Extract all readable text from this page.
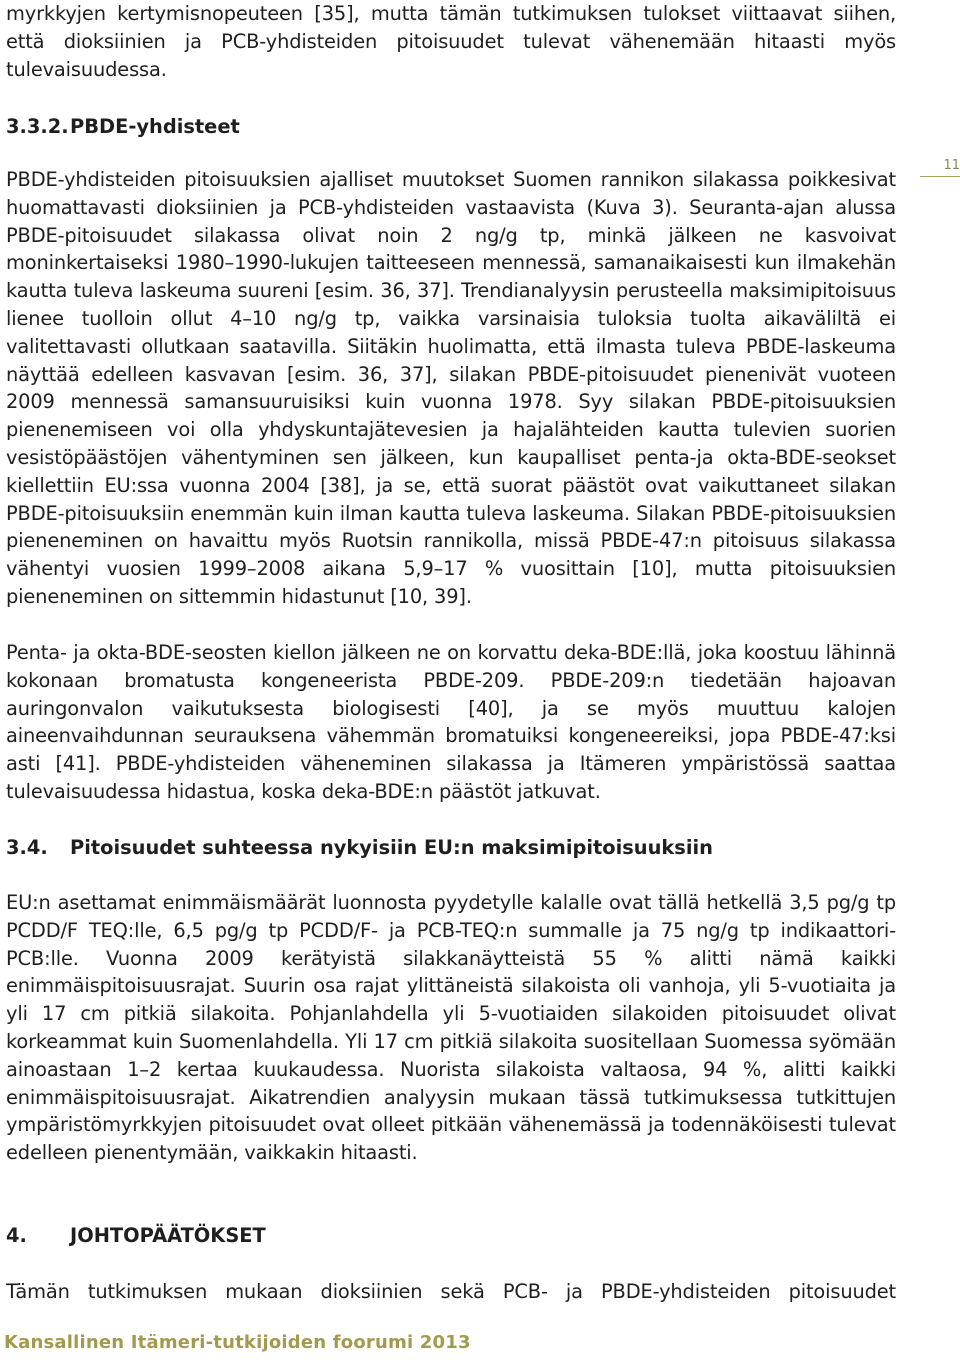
myrkkyjen kertymisnopeuteen [35], mutta tämän tutkimuksen tulokset viittaavat siihen, että dioksiinien ja PCB-yhdisteiden pitoisuudet tulevat vähenemään hitaasti myös tulevaisuudessa.

3.3.2.PBDE-yhdisteet
11

PBDE-yhdisteiden pitoisuuksien ajalliset muutokset Suomen rannikon silakassa poikkesivat huomattavasti dioksiinien ja PCB-yhdisteiden vastaavista (Kuva 3). Seuranta-ajan alussa PBDE-pitoisuudet silakassa olivat noin 2 ng/g tp, minkä jälkeen ne kasvoivat moninkertaiseksi 1980–1990-lukujen taitteeseen mennessä, samanaikaisesti kun ilmakehän kautta tuleva laskeuma suureni [esim. 36, 37]. Trendianalyysin perusteella maksimipitoisuus lienee tuolloin ollut 4–10 ng/g tp, vaikka varsinaisia tuloksia tuolta aikaväliltä ei valitettavasti ollutkaan saatavilla. Siitäkin huolimatta, että ilmasta tuleva PBDE-laskeuma näyttää edelleen kasvavan [esim. 36, 37], silakan PBDE-pitoisuudet pienenivät vuoteen 2009 mennessä samansuuruisiksi kuin vuonna 1978. Syy silakan PBDE-pitoisuuksien pienenemiseen voi olla yhdyskuntajätevesien ja hajalähteiden kautta tulevien suorien vesistöpäästöjen vähentyminen sen jälkeen, kun kaupalliset penta-ja okta-BDE-seokset kiellettiin EU:ssa vuonna 2004 [38], ja se, että suorat päästöt ovat vaikuttaneet silakan PBDE-pitoisuuksiin enemmän kuin ilman kautta tuleva laskeuma. Silakan PBDE-pitoisuuksien pieneneminen on havaittu myös Ruotsin rannikolla, missä PBDE-47:n pitoisuus silakassa vähentyi vuosien 1999–2008 aikana 5,9–17 % vuosittain [10], mutta pitoisuuksien pieneneminen on sittemmin hidastunut [10, 39].

Penta- ja okta-BDE-seosten kiellon jälkeen ne on korvattu deka-BDE:llä, joka koostuu lähinnä kokonaan bromatusta kongeneerista PBDE-209. PBDE-209:n tiedetään hajoavan auringonvalon vaikutuksesta biologisesti [40], ja se myös muuttuu kalojen aineenvaihdunnan seurauksena vähemmän bromatuiksi kongeneereiksi, jopa PBDE-47:ksi asti [41]. PBDE-yhdisteiden väheneminen silakassa ja Itämeren ympäristössä saattaa tulevaisuudessa hidastua, koska deka-BDE:n päästöt jatkuvat.

3.4. Pitoisuudet suhteessa nykyisiin EU:n maksimipitoisuuksiin

EU:n asettamat enimmäismäärät luonnosta pyydetylle kalalle ovat tällä hetkellä 3,5 pg/g tp PCDD/F TEQ:lle, 6,5 pg/g tp PCDD/F- ja PCB-TEQ:n summalle ja 75 ng/g tp indikaattori-PCB:lle. Vuonna 2009 kerätyistä silakkanäytteistä 55 % alitti nämä kaikki enimmäispitoisuusrajat. Suurin osa rajat ylittäneistä silakoista oli vanhoja, yli 5-vuotiaita ja yli 17 cm pitkiä silakoita. Pohjanlahdella yli 5-vuotiaiden silakoiden pitoisuudet olivat korkeammat kuin Suomenlahdella. Yli 17 cm pitkiä silakoita suositellaan Suomessa syömään ainoastaan 1–2 kertaa kuukaudessa. Nuorista silakoista valtaosa, 94 %, alitti kaikki enimmäispitoisuusrajat. Aikatrendien analyysin mukaan tässä tutkimuksessa tutkittujen ympäristömyrkkyjen pitoisuudet ovat olleet pitkään vähenemässä ja todennäköisesti tulevat edelleen pienentymään, vaikkakin hitaasti.

4. JOHTOPÄÄTÖKSET

Tämän tutkimuksen mukaan dioksiinien sekä PCB- ja PBDE-yhdisteiden pitoisuudet

Kansallinen Itämeri-tutkijoiden foorumi 2013
